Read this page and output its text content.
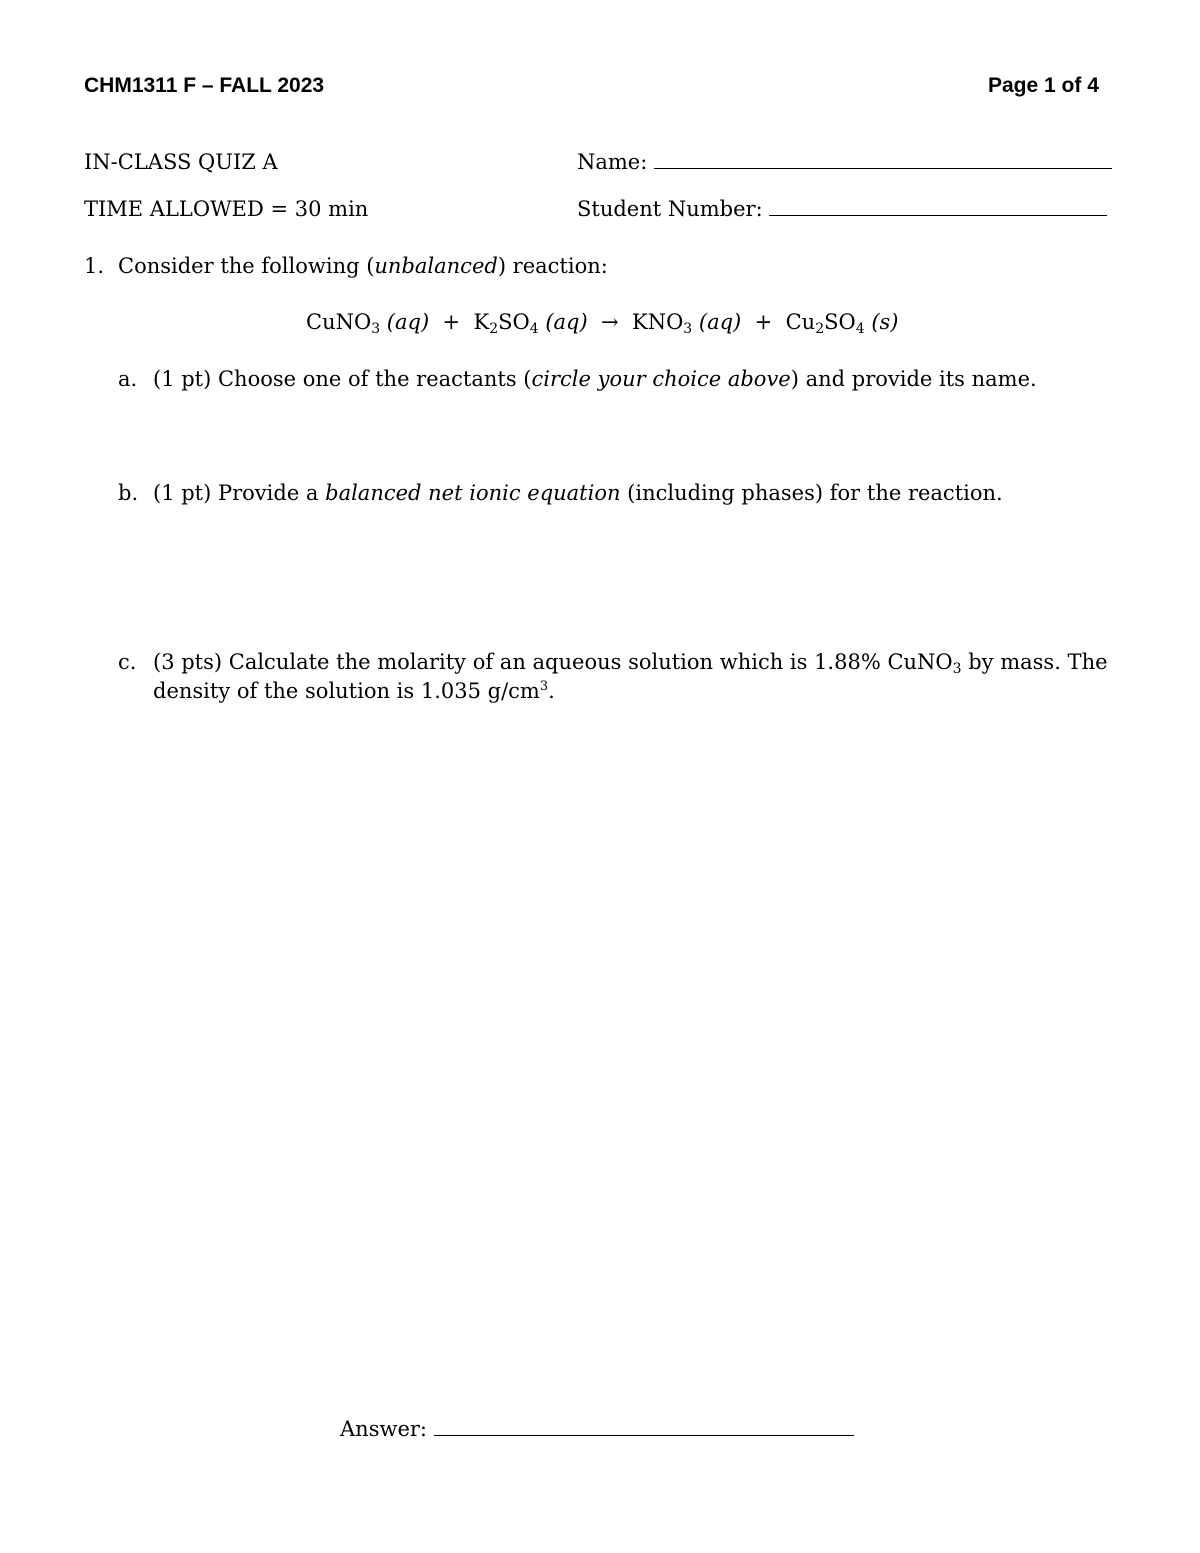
CHM1311 F – FALL 2023	Page 1 of 4
IN-CLASS QUIZ A	Name:
TIME ALLOWED = 30 min	Student Number:
1. Consider the following (unbalanced) reaction:
CuNO$_3$ $(aq) + K_2SO_4$ $(aq) \to KNO_3$ $(aq) + Cu_2SO_4$ (s)
a. (1 pt) Choose one of the reactants (circle your choice above) and provide its name.
b. (1 pt) Provide a balanced net ionic equation (including phases) for the reaction.
c. (3 pts) Calculate the molarity of an aqueous solution which is 1.88% CuNO$_3$ by mass. The
density of the solution is 1.035 $g/cm^3$.
Answer:
